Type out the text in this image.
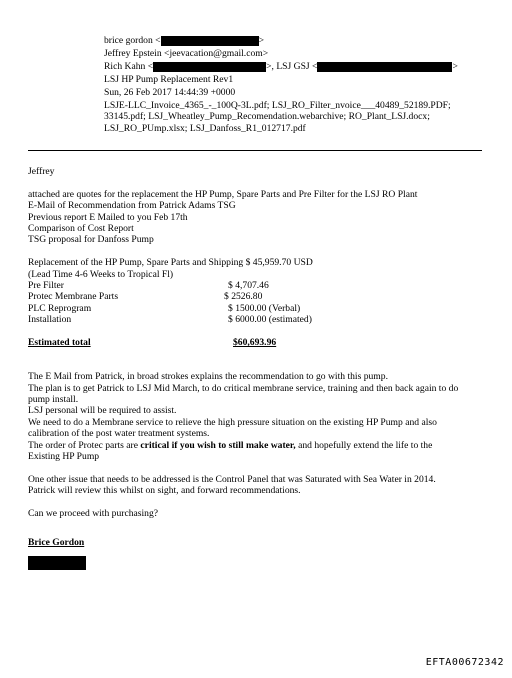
brice gordon <	>
Jeffrey Epstein <jeevacation@gmail.com>
Rich Kahn <	>, LSJ GSJ <	>
LSJ HP Pump Replacement Rev1
Sun, 26 Feb 2017 14:44:39 +0000
LSJE-LLC_Invoice_4365_-_100Q-3L.pdf; LSJ_RO_Filter_nvoice___40489_52189.PDF;
33145.pdf; LSJ_Wheatley_Pump_Recomendation.webarchive; RO_Plant_LSJ.docx;
LSJ_RO_PUmp.xlsx; LSJ_Danfoss_R1_012717.pdf

Jeffrey

attached are quotes for the replacement the HP Pump, Spare Parts and Pre Filter for the LSJ RO Plant
E-Mail of Recommendation from Patrick Adams TSG
Previous report E Mailed to you Feb 17th
Comparison of Cost Report
TSG proposal for Danfoss Pump

Replacement of the HP Pump, Spare Parts and Shipping $ 45,959.70 USD
(Lead Time 4-6 Weeks to Tropical Fl)
Pre Filter	$ 4,707.46
Protec Membrane Parts	$ 2526.80
PLC Reprogram	$ 1500.00 (Verbal)
Installation	$ 6000.00 (estimated)
Estimated total	$60,693.96

The E Mail from Patrick, in broad strokes explains the recommendation to go with this pump.
The plan is to get Patrick to LSJ Mid March, to do critical membrane service, training and then back again to do
pump install.
LSJ personal will be required to assist.
We need to do a Membrane service to relieve the high pressure situation on the existing HP Pump and also
calibration of the post water treatment systems.
The order of Protec parts are critical if you wish to still make water, and hopefully extend the life to the
Existing HP Pump

One other issue that needs to be addressed is the Control Panel that was Saturated with Sea Water in 2014.
Patrick will review this whilst on sight, and forward recommendations.

Can we proceed with purchasing?

Brice Gordon

EFTA00672342
